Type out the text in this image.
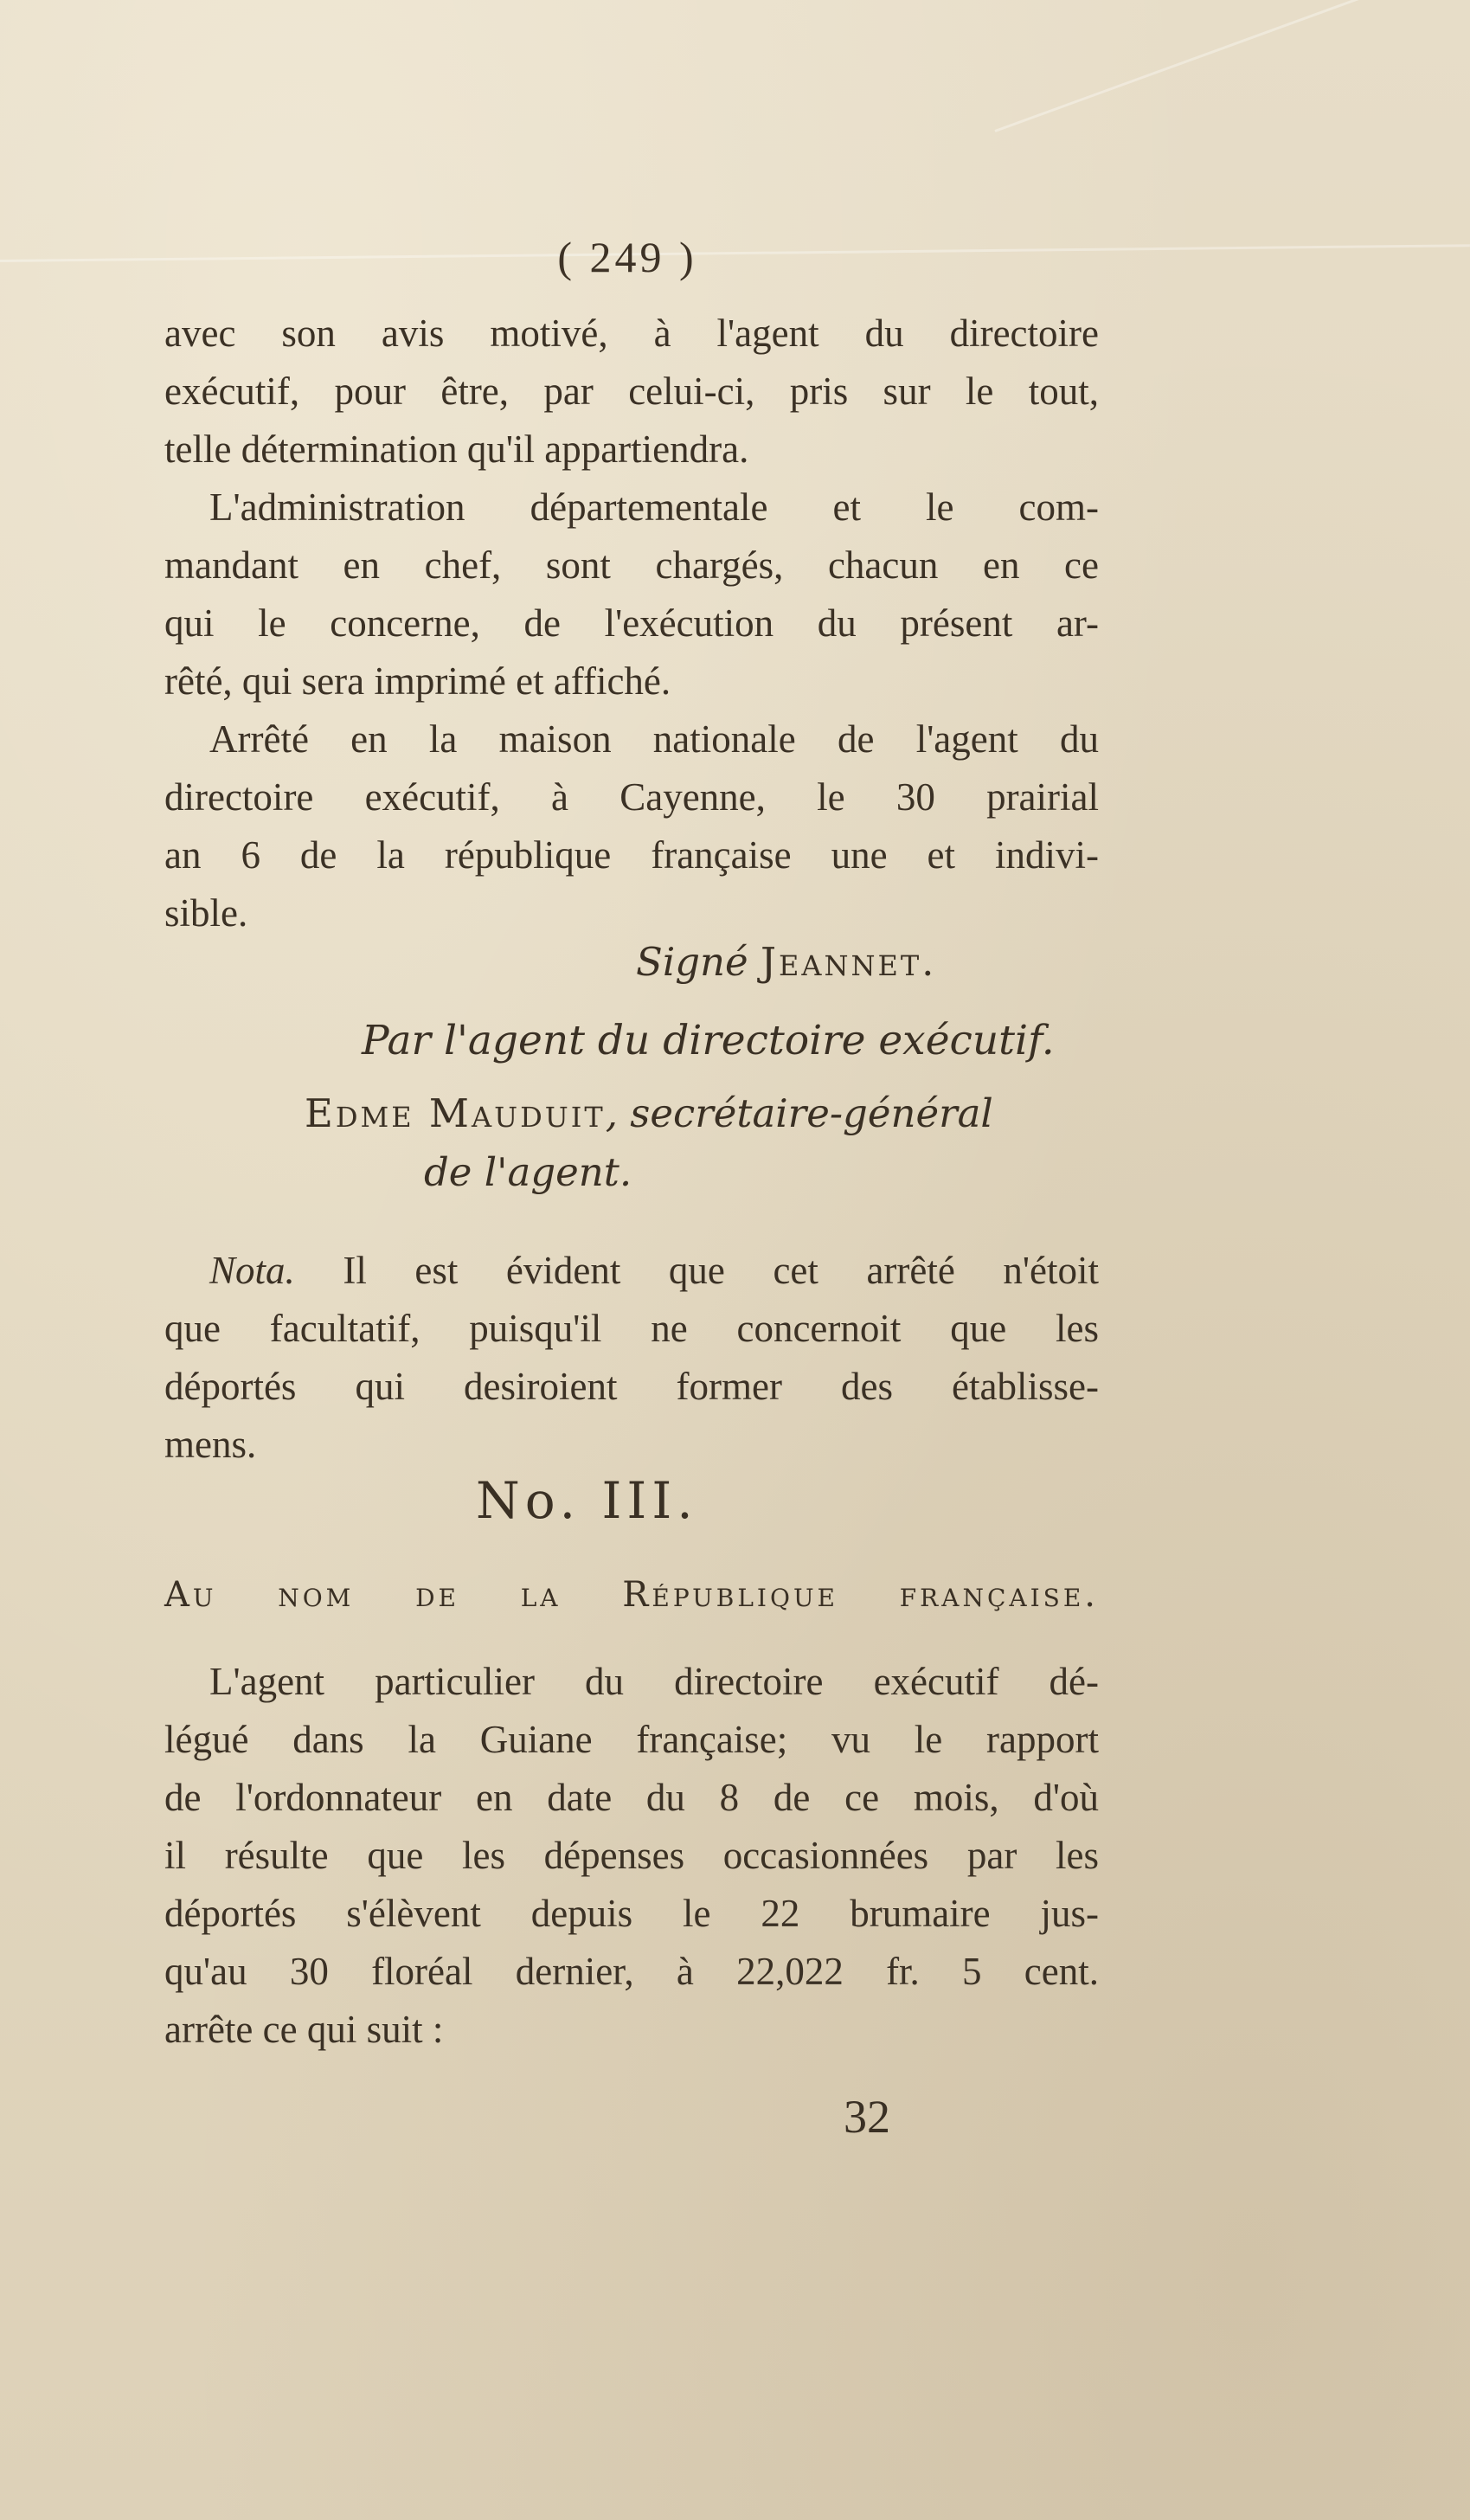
( 249 )
avec son avis motivé, à l'agent du directoire
exécutif, pour être, par celui-ci, pris sur le tout,
telle détermination qu'il appartiendra.
L'administration départementale et le com-
mandant en chef, sont chargés, chacun en ce
qui le concerne, de l'exécution du présent ar-
rêté, qui sera imprimé et affiché.
Arrêté en la maison nationale de l'agent du
directoire exécutif, à Cayenne, le 30 prairial
an 6 de la république française une et indivi-
sible.
Signé Jeannet.
Par l'agent du directoire exécutif.
Edme Mauduit, secrétaire-général
de l'agent.
Nota. Il est évident que cet arrêté n'étoit
que facultatif, puisqu'il ne concernoit que les
déportés qui desiroient former des établisse-
mens.
No. III.
Au nom de la République française.
L'agent particulier du directoire exécutif dé-
légué dans la Guiane française; vu le rapport
de l'ordonnateur en date du 8 de ce mois, d'où
il résulte que les dépenses occasionnées par les
déportés s'élèvent depuis le 22 brumaire jus-
qu'au 30 floréal dernier, à 22,022 fr. 5 cent.
arrête ce qui suit :
32
